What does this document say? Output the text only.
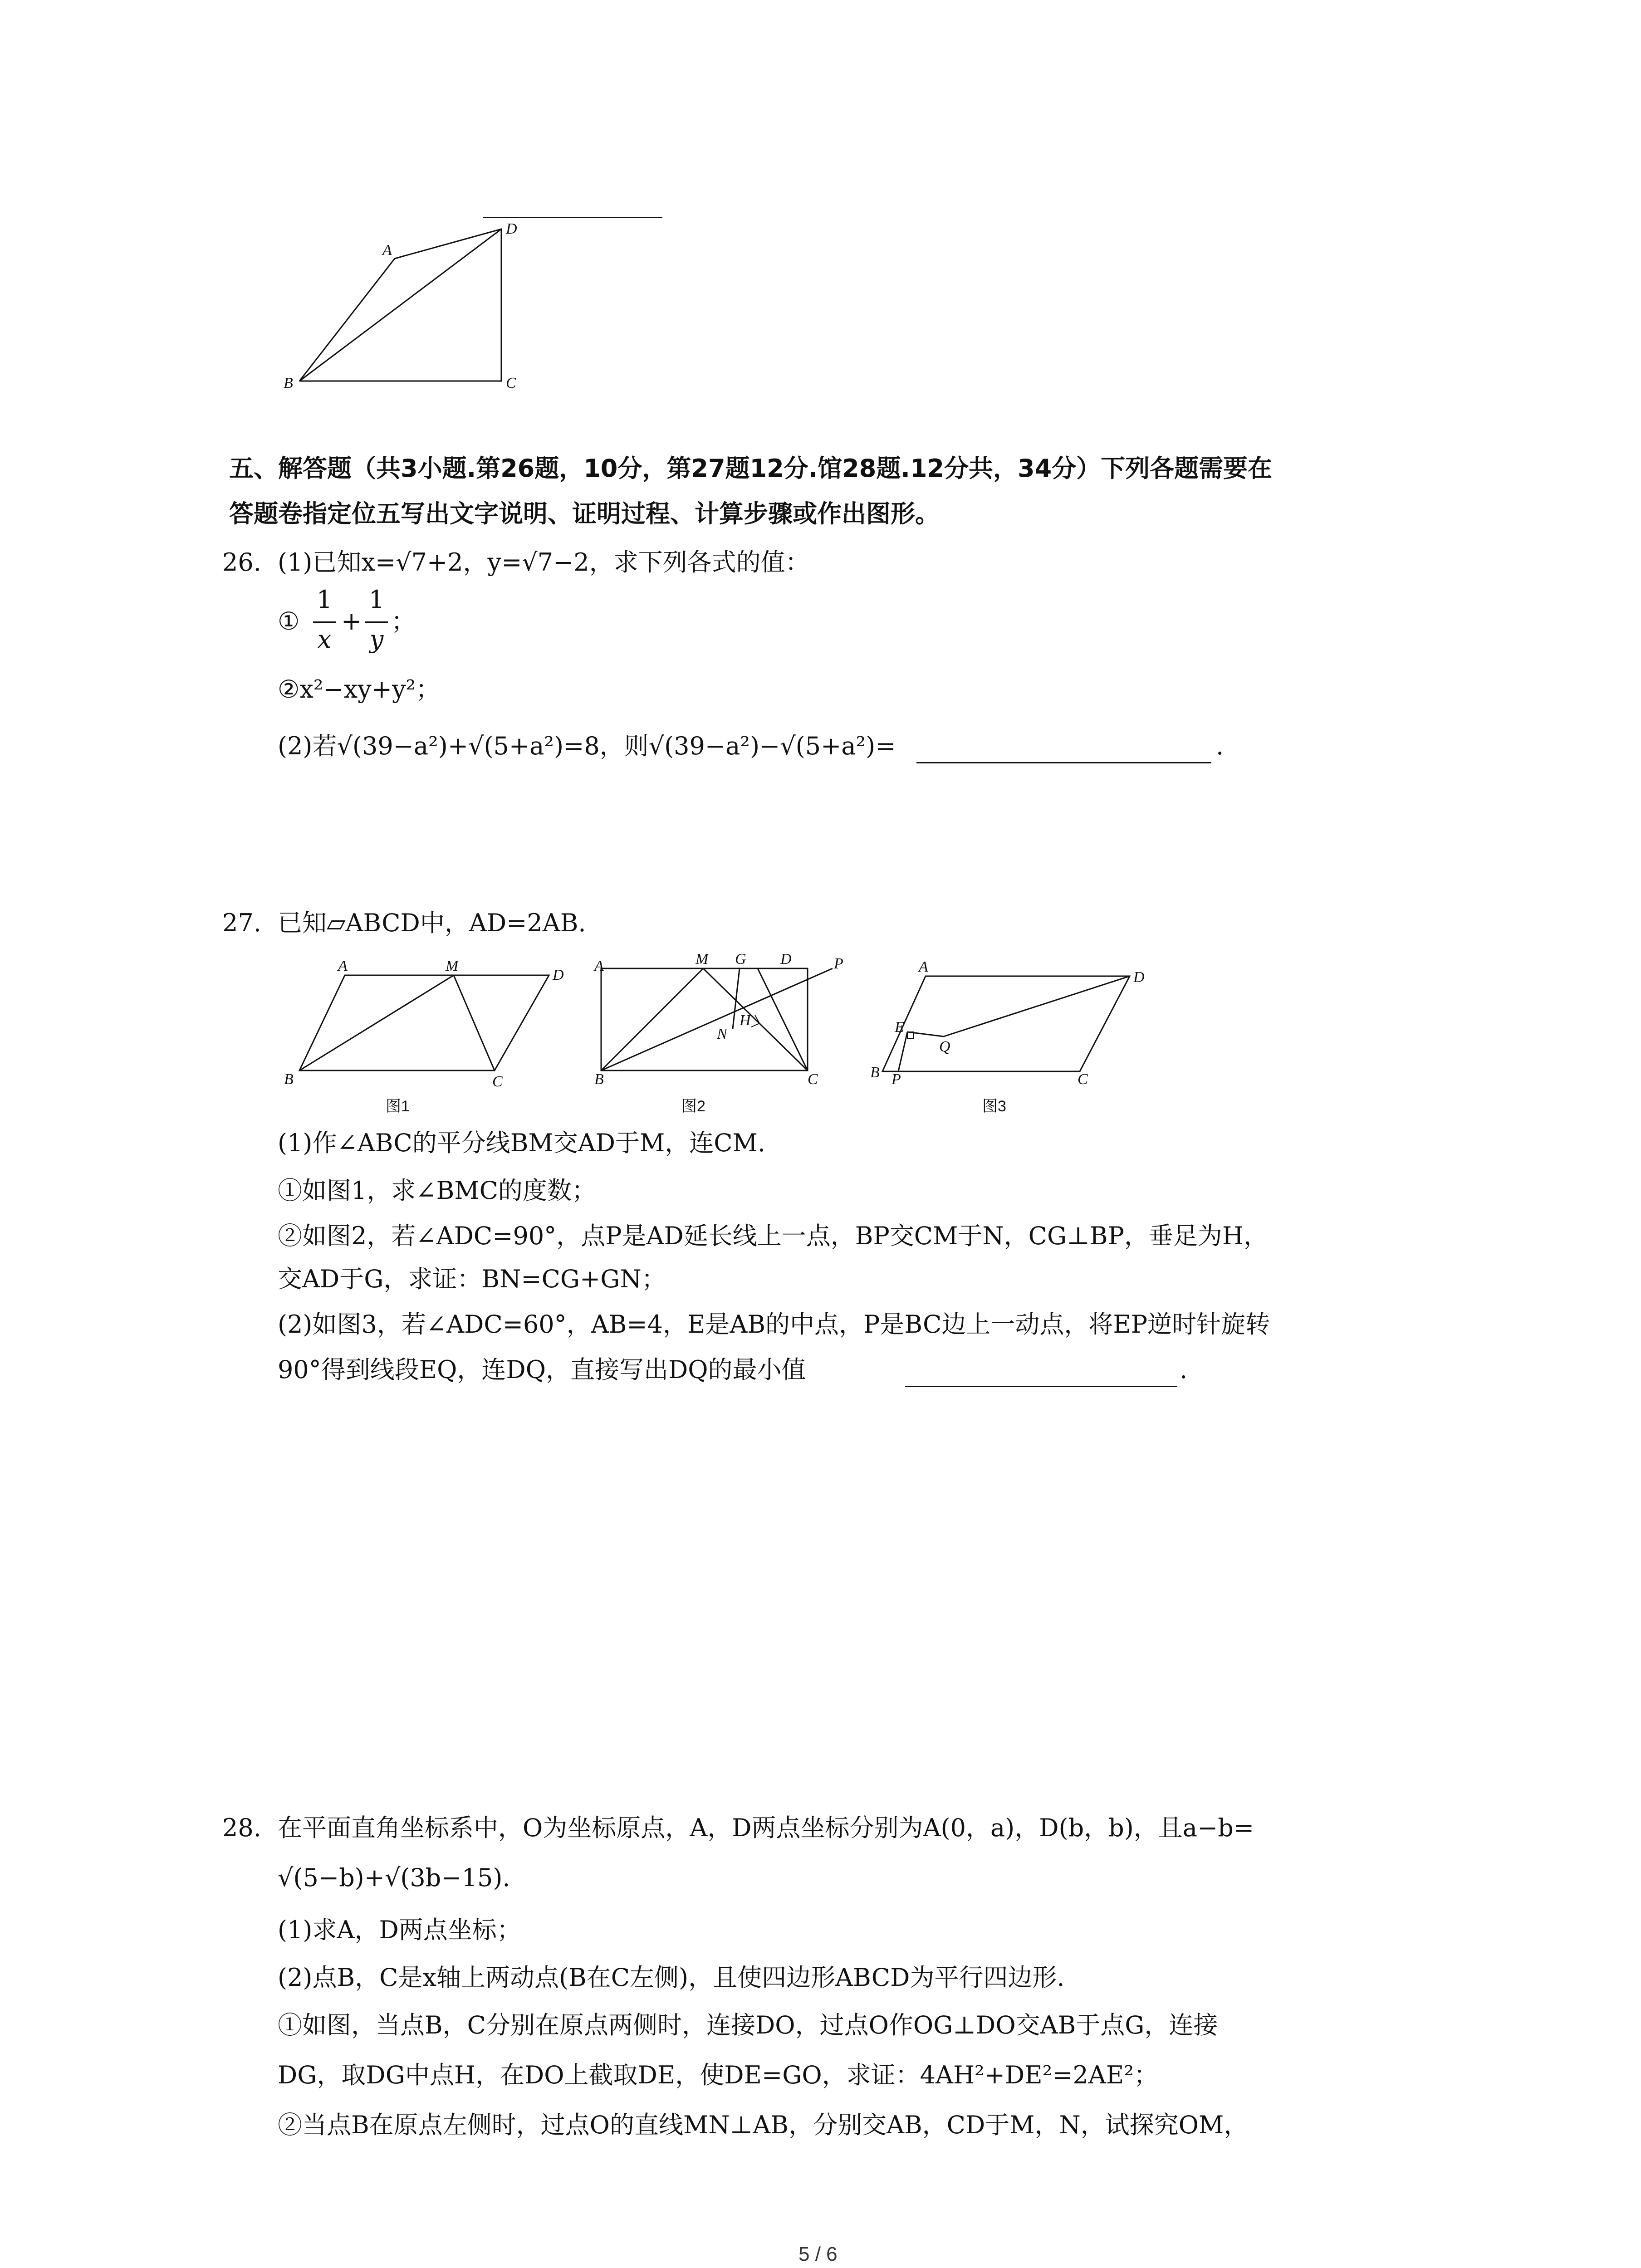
A
D
B	C
五、解答题（共3小题.第26题，10分，第27题12分.馆28题.12分共，34分）下列各题需要在
答题卷指定位五写出文字说明、证明过程、计算步骤或作出图形。
26. (1)已知x=√7+2，y=√7−2，求下列各式的值：
①
1
x
+
1
y
；
②x²−xy+y²；
(2)若√(39−a²)+√(5+a²)=8，则√(39−a²)−√(5+a²)=	.
27. 已知▱ABCD中，AD=2AB.
A	M
D
B	C
图1
A	M G D	P
N
H
B	C
图2
A
D
E
Q
B P	C
图3
(1)作∠ABC的平分线BM交AD于M，连CM.
①如图1，求∠BMC的度数；
②如图2，若∠ADC=90°，点P是AD延长线上一点，BP交CM于N，CG⊥BP，垂足为H，
交AD于G，求证：BN=CG+GN；
(2)如图3，若∠ADC=60°，AB=4，E是AB的中点，P是BC边上一动点，将EP逆时针旋转
90°得到线段EQ，连DQ，直接写出DQ的最小值	.
28. 在平面直角坐标系中，O为坐标原点，A，D两点坐标分别为A(0，a)，D(b，b)，且a−b=
√(5−b)+√(3b−15).
(1)求A，D两点坐标；
(2)点B，C是x轴上两动点(B在C左侧)，且使四边形ABCD为平行四边形.
①如图，当点B，C分别在原点两侧时，连接DO，过点O作OG⊥DO交AB于点G，连接
DG，取DG中点H，在DO上截取DE，使DE=GO，求证：4AH²+DE²=2AE²；
②当点B在原点左侧时，过点O的直线MN⊥AB，分别交AB，CD于M，N，试探究OM，
5 / 6
